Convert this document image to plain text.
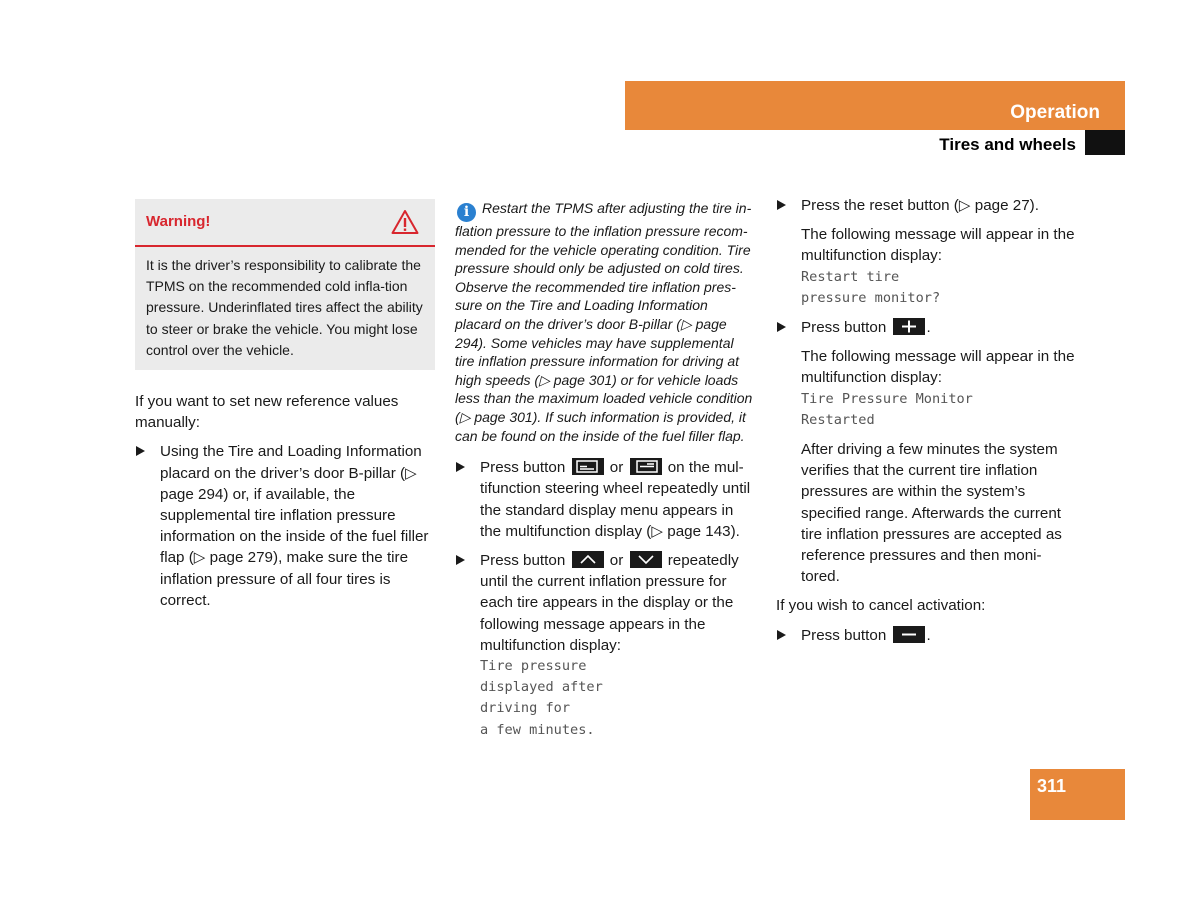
Operation
Tires and wheels
Warning!
It is the driver’s responsibility to calibrate the TPMS on the recommended cold infla-tion pressure. Underinflated tires affect the ability to steer or brake the vehicle. You might lose control over the vehicle.

If you want to set new reference values manually:

Using the Tire and Loading Information placard on the driver’s door B-pillar (▷ page 294) or, if available, the supplemental tire inflation pressure information on the inside of the fuel filler flap (▷ page 279), make sure the tire inflation pressure of all four tires is correct.

i Restart the TPMS after adjusting the tire in-flation pressure to the inflation pressure recom-mended for the vehicle operating condition. Tire pressure should only be adjusted on cold tires. Observe the recommended tire inflation pres-sure on the Tire and Loading Information placard on the driver’s door B-pillar (▷ page 294). Some vehicles may have supplemental tire inflation pressure information for driving at high speeds (▷ page 301) or for vehicle loads less than the maximum loaded vehicle condition (▷ page 301). If such information is provided, it can be found on the inside of the fuel filler flap.

Press button	or	on the mul-tifunction steering wheel repeatedly until the standard display menu appears in the multifunction display (▷ page 143).
Press button	or	repeatedly until the current inflation pressure for each tire appears in the display or the following message appears in the multifunction display:
Tire pressure
displayed after
driving for
a few minutes.
Press the reset button (▷ page 27).
The following message will appear in the multifunction display:
Restart tire
pressure monitor?
Press button	.
The following message will appear in the multifunction display:
Tire Pressure Monitor
Restarted
After driving a few minutes the system verifies that the current tire inflation pressures are within the system’s specified range. Afterwards the current tire inflation pressures are accepted as reference pressures and then moni-tored.

If you wish to cancel activation:

Press button	.
311
